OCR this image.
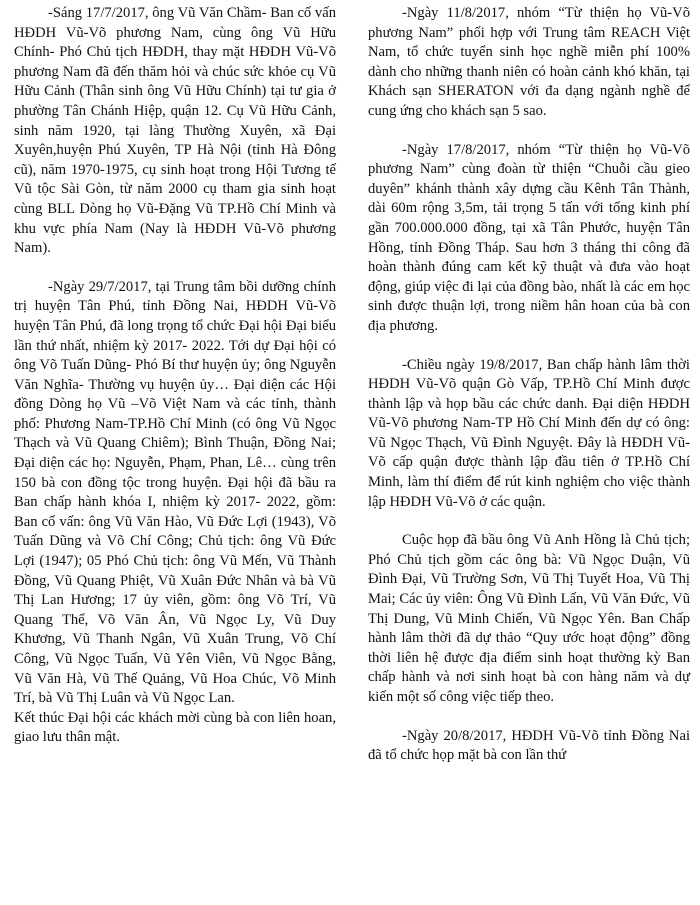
-Sáng 17/7/2017, ông Vũ Văn Chầm- Ban cố vấn HĐDH Vũ-Võ phương Nam, cùng ông Vũ Hữu Chính- Phó Chủ tịch HĐDH, thay mặt HĐDH Vũ-Võ phương Nam đã đến thăm hỏi và chúc sức khỏe cụ Vũ Hữu Cảnh (Thân sinh ông Vũ Hữu Chính) tại tư gia ở phường Tân Chánh Hiệp, quận 12. Cụ Vũ Hữu Cảnh, sinh năm 1920, tại làng Thường Xuyên, xã Đại Xuyên,huyện Phú Xuyên, TP Hà Nội (tỉnh Hà Đông cũ), năm 1970-1975, cụ sinh hoạt trong Hội Tương tế Vũ tộc Sài Gòn, từ năm 2000 cụ tham gia sinh hoạt cùng BLL Dòng họ Vũ-Đặng Vũ TP.Hồ Chí Minh và khu vực phía Nam (Nay là HĐDH Vũ-Võ phương Nam).

-Ngày 29/7/2017, tại Trung tâm bồi dưỡng chính trị huyện Tân Phú, tỉnh Đồng Nai, HĐDH Vũ-Võ huyện Tân Phú, đã long trọng tổ chức Đại hội Đại biểu lần thứ nhất, nhiệm kỳ 2017- 2022. Tới dự Đại hội có ông Võ Tuấn Dũng- Phó Bí thư huyện ủy; ông Nguyễn Văn Nghĩa- Thường vụ huyện ủy… Đại diện các Hội đồng Dòng họ Vũ –Võ Việt Nam và các tỉnh, thành phố: Phương Nam-TP.Hồ Chí Minh (có ông Vũ Ngọc Thạch và Vũ Quang Chiêm); Bình Thuận, Đồng Nai; Đại diện các họ: Nguyễn, Phạm, Phan, Lê… cùng trên 150 bà con đồng tộc trong huyện. Đại hội đã bầu ra Ban chấp hành khóa I, nhiệm kỳ 2017- 2022, gồm: Ban cố vấn: ông Vũ Văn Hào, Vũ Đức Lợi (1943), Võ Tuấn Dũng và Võ Chí Công; Chủ tịch: ông Vũ Đức Lợi (1947); 05 Phó Chủ tịch: ông Vũ Mến, Vũ Thành Đồng, Vũ Quang Phiệt, Vũ Xuân Đức Nhân và bà Vũ Thị Lan Hương; 17 ủy viên, gồm: ông Võ Trí, Vũ Quang Thể, Võ Văn Ân, Vũ Ngọc Ly, Vũ Duy Khương, Vũ Thanh Ngân, Vũ Xuân Trung, Võ Chí Công, Vũ Ngọc Tuấn, Vũ Yên Viên, Vũ Ngọc Bằng, Vũ Văn Hà, Vũ Thế Quảng, Vũ Hoa Chúc, Võ Minh Trí, bà Vũ Thị Luân và Vũ Ngọc Lan.

Kết thúc Đại hội các khách mời cùng bà con liên hoan, giao lưu thân mật.

-Ngày 11/8/2017, nhóm “Từ thiện họ Vũ-Võ phương Nam” phối hợp với Trung tâm REACH Việt Nam, tổ chức tuyển sinh học nghề miễn phí 100% dành cho những thanh niên có hoàn cảnh khó khăn, tại Khách sạn SHERATON với đa dạng ngành nghề để cung ứng cho khách sạn 5 sao.

-Ngày 17/8/2017, nhóm “Từ thiện họ Vũ-Võ phương Nam” cùng đoàn từ thiện “Chuỗi cầu gieo duyên” khánh thành xây dựng cầu Kênh Tân Thành, dài 60m rộng 3,5m, tải trọng 5 tấn với tổng kinh phí gần 700.000.000 đồng, tại xã Tân Phước, huyện Tân Hồng, tỉnh Đồng Tháp. Sau hơn 3 tháng thi công đã hoàn thành đúng cam kết kỹ thuật và đưa vào hoạt động, giúp việc đi lại của đồng bào, nhất là các em học sinh được thuận lợi, trong niềm hân hoan của bà con địa phương.

-Chiều ngày 19/8/2017, Ban chấp hành lâm thời HĐDH Vũ-Võ quận Gò Vấp, TP.Hồ Chí Minh được thành lập và họp bầu các chức danh. Đại diện HĐDH Vũ-Võ phương Nam-TP Hồ Chí Minh đến dự có ông: Vũ Ngọc Thạch, Vũ Đình Nguyệt. Đây là HĐDH Vũ-Võ cấp quận được thành lập đầu tiên ở TP.Hồ Chí Minh, làm thí điểm để rút kinh nghiệm cho việc thành lập HĐDH Vũ-Võ ở các quận.

Cuộc họp đã bầu ông Vũ Anh Hồng là Chủ tịch; Phó Chủ tịch gồm các ông bà: Vũ Ngọc Duận, Vũ Đình Đại, Vũ Trường Sơn, Vũ Thị Tuyết Hoa, Vũ Thị Mai; Các ủy viên: Ông Vũ Đình Lấn, Vũ Văn Đức, Vũ Thị Dung, Vũ Minh Chiến, Vũ Ngọc Yên. Ban Chấp hành lâm thời đã dự thảo “Quy ước hoạt động” đồng thời liên hệ được địa điểm sinh hoạt thường kỳ Ban chấp hành và nơi sinh hoạt bà con hàng năm và dự kiến một số công việc tiếp theo.

-Ngày 20/8/2017, HĐDH Vũ-Võ tỉnh Đồng Nai đã tổ chức họp mặt bà con lần thứ
